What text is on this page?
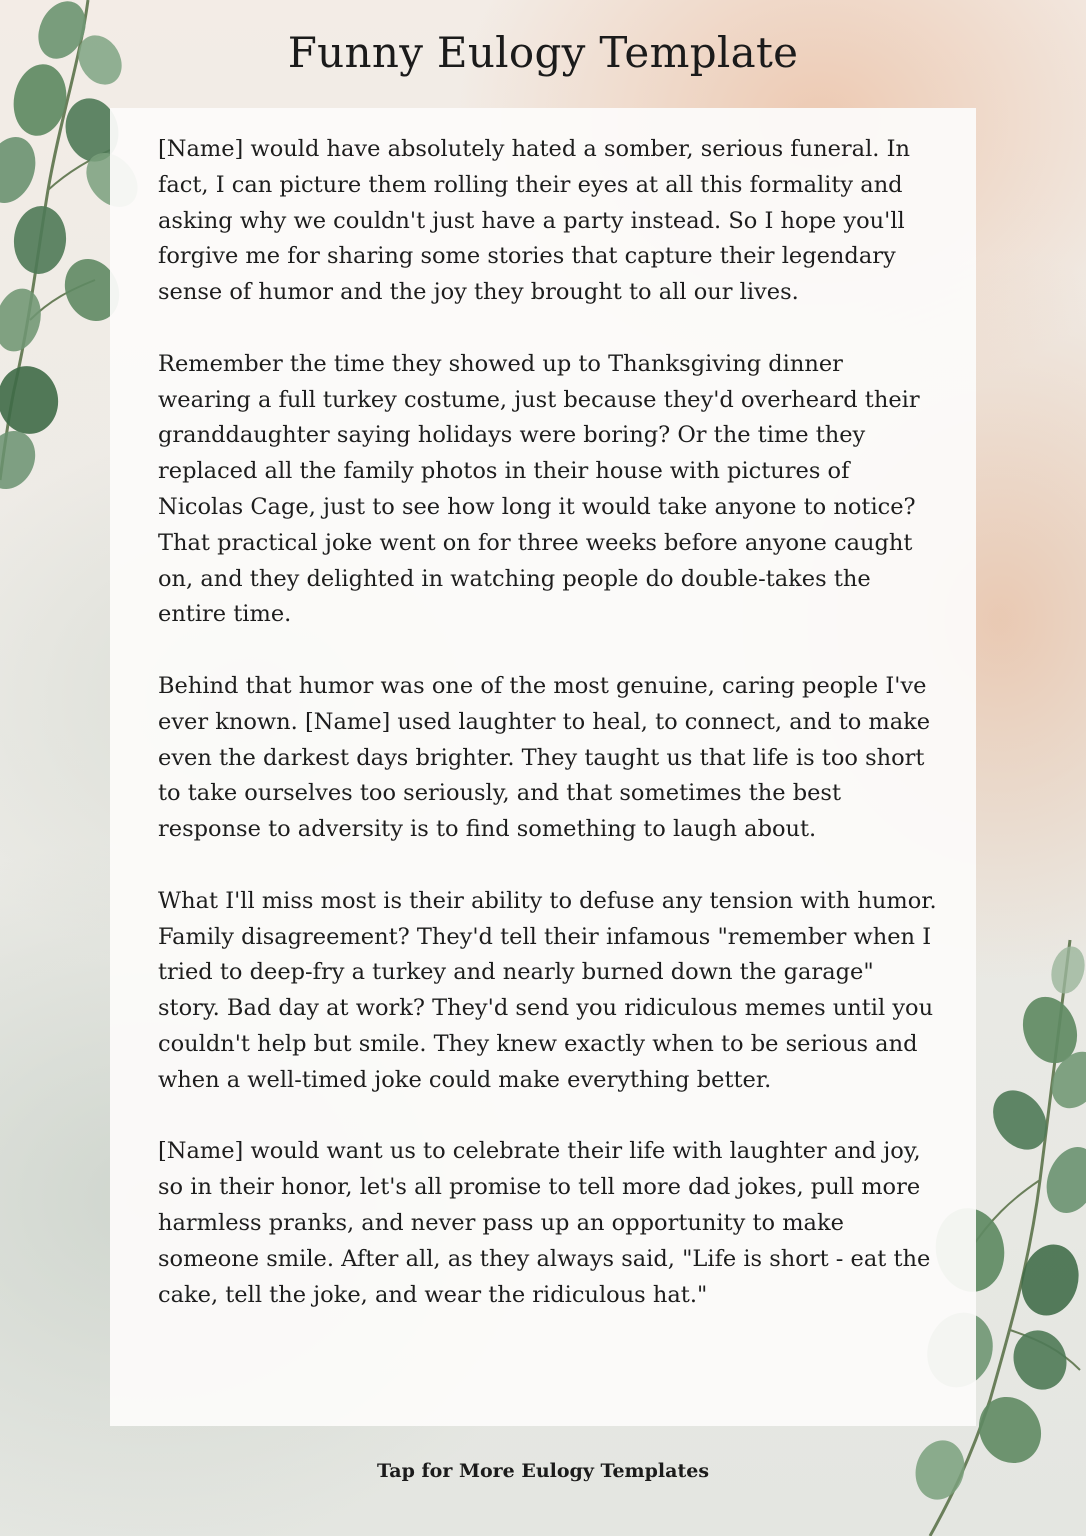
Funny Eulogy Template

[Name] would have absolutely hated a somber, serious funeral. In fact, I can picture them rolling their eyes at all this formality and asking why we couldn't just have a party instead. So I hope you'll forgive me for sharing some stories that capture their legendary sense of humor and the joy they brought to all our lives.

Remember the time they showed up to Thanksgiving dinner wearing a full turkey costume, just because they'd overheard their granddaughter saying holidays were boring? Or the time they replaced all the family photos in their house with pictures of Nicolas Cage, just to see how long it would take anyone to notice? That practical joke went on for three weeks before anyone caught on, and they delighted in watching people do double-takes the entire time.

Behind that humor was one of the most genuine, caring people I've ever known. [Name] used laughter to heal, to connect, and to make even the darkest days brighter. They taught us that life is too short to take ourselves too seriously, and that sometimes the best response to adversity is to find something to laugh about.

What I'll miss most is their ability to defuse any tension with humor. Family disagreement? They'd tell their infamous "remember when I tried to deep-fry a turkey and nearly burned down the garage" story. Bad day at work? They'd send you ridiculous memes until you couldn't help but smile. They knew exactly when to be serious and when a well-timed joke could make everything better.

[Name] would want us to celebrate their life with laughter and joy, so in their honor, let's all promise to tell more dad jokes, pull more harmless pranks, and never pass up an opportunity to make someone smile. After all, as they always said, "Life is short - eat the cake, tell the joke, and wear the ridiculous hat."

Tap for More Eulogy Templates
